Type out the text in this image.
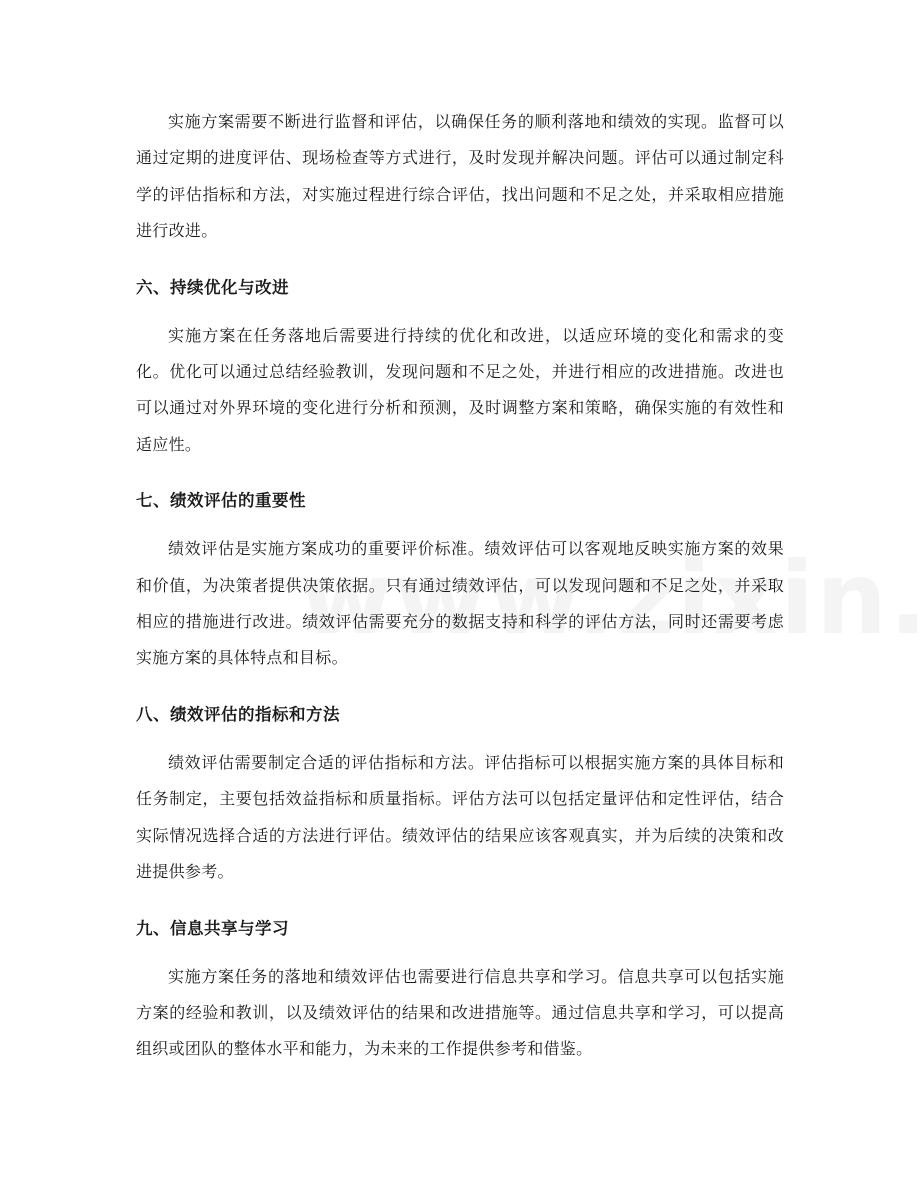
实施方案需要不断进行监督和评估，以确保任务的顺利落地和绩效的实现。监督可以通过定期的进度评估、现场检查等方式进行，及时发现并解决问题。评估可以通过制定科学的评估指标和方法，对实施过程进行综合评估，找出问题和不足之处，并采取相应措施进行改进。

六、持续优化与改进

实施方案在任务落地后需要进行持续的优化和改进，以适应环境的变化和需求的变化。优化可以通过总结经验教训，发现问题和不足之处，并进行相应的改进措施。改进也可以通过对外界环境的变化进行分析和预测，及时调整方案和策略，确保实施的有效性和适应性。

七、绩效评估的重要性

绩效评估是实施方案成功的重要评价标准。绩效评估可以客观地反映实施方案的效果和价值，为决策者提供决策依据。只有通过绩效评估，可以发现问题和不足之处，并采取相应的措施进行改进。绩效评估需要充分的数据支持和科学的评估方法，同时还需要考虑实施方案的具体特点和目标。

八、绩效评估的指标和方法

绩效评估需要制定合适的评估指标和方法。评估指标可以根据实施方案的具体目标和任务制定，主要包括效益指标和质量指标。评估方法可以包括定量评估和定性评估，结合实际情况选择合适的方法进行评估。绩效评估的结果应该客观真实，并为后续的决策和改进提供参考。

九、信息共享与学习

实施方案任务的落地和绩效评估也需要进行信息共享和学习。信息共享可以包括实施方案的经验和教训，以及绩效评估的结果和改进措施等。通过信息共享和学习，可以提高组织或团队的整体水平和能力，为未来的工作提供参考和借鉴。
